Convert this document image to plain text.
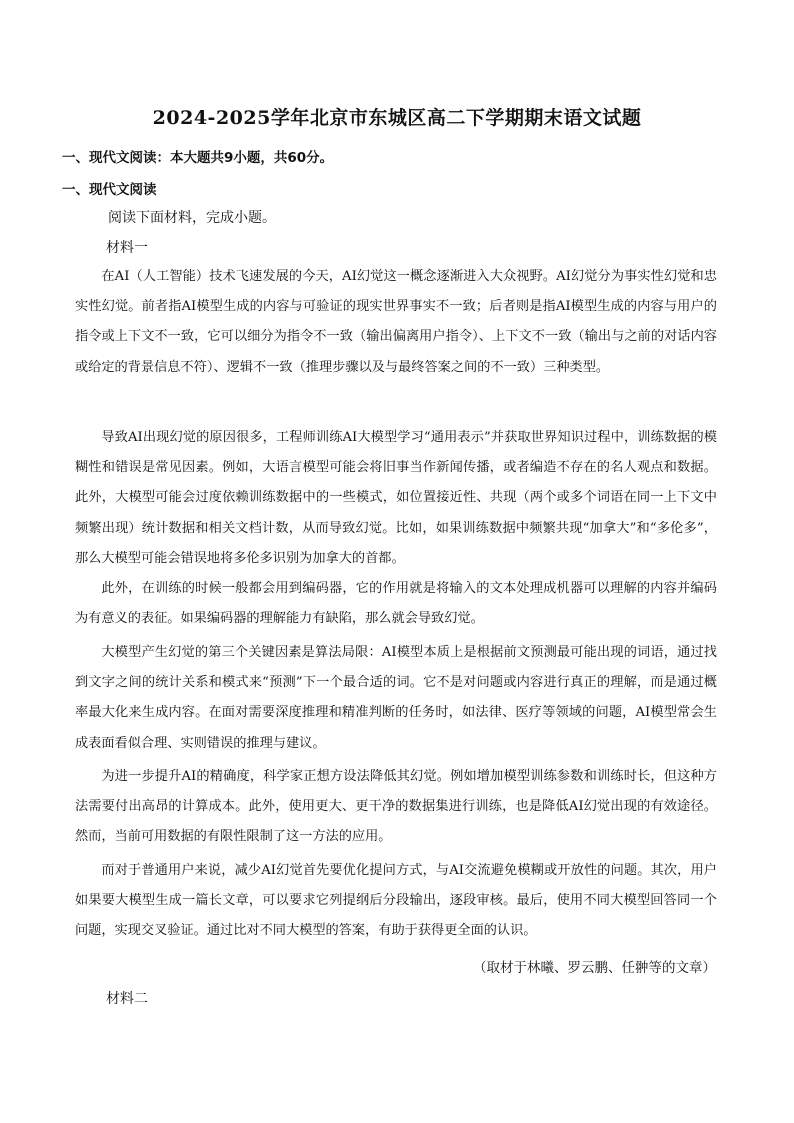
2024-2025学年北京市东城区高二下学期期末语文试题
一、现代文阅读：本大题共9小题，共60分。
一、现代文阅读
阅读下面材料，完成小题。
材料一
在AI（人工智能）技术飞速发展的今天，AI幻觉这一概念逐渐进入大众视野。AI幻觉分为事实性幻觉和忠实性幻觉。前者指AI模型生成的内容与可验证的现实世界事实不一致；后者则是指AI模型生成的内容与用户的指令或上下文不一致，它可以细分为指令不一致（输出偏离用户指令）、上下文不一致（输出与之前的对话内容或给定的背景信息不符）、逻辑不一致（推理步骤以及与最终答案之间的不一致）三种类型。
导致AI出现幻觉的原因很多，工程师训练AI大模型学习“通用表示”并获取世界知识过程中，训练数据的模糊性和错误是常见因素。例如，大语言模型可能会将旧事当作新闻传播，或者编造不存在的名人观点和数据。此外，大模型可能会过度依赖训练数据中的一些模式，如位置接近性、共现（两个或多个词语在同一上下文中频繁出现）统计数据和相关文档计数，从而导致幻觉。比如，如果训练数据中频繁共现“加拿大”和“多伦多”，那么大模型可能会错误地将多伦多识别为加拿大的首都。
此外，在训练的时候一般都会用到编码器，它的作用就是将输入的文本处理成机器可以理解的内容并编码为有意义的表征。如果编码器的理解能力有缺陷，那么就会导致幻觉。
大模型产生幻觉的第三个关键因素是算法局限：AI模型本质上是根据前文预测最可能出现的词语，通过找到文字之间的统计关系和模式来“预测”下一个最合适的词。它不是对问题或内容进行真正的理解，而是通过概率最大化来生成内容。在面对需要深度推理和精准判断的任务时，如法律、医疗等领域的问题，AI模型常会生成表面看似合理、实则错误的推理与建议。
为进一步提升AI的精确度，科学家正想方设法降低其幻觉。例如增加模型训练参数和训练时长，但这种方法需要付出高昂的计算成本。此外，使用更大、更干净的数据集进行训练，也是降低AI幻觉出现的有效途径。然而，当前可用数据的有限性限制了这一方法的应用。
而对于普通用户来说，减少AI幻觉首先要优化提问方式，与AI交流避免模糊或开放性的问题。其次，用户如果要大模型生成一篇长文章，可以要求它列提纲后分段输出，逐段审核。最后，使用不同大模型回答同一个问题，实现交叉验证。通过比对不同大模型的答案，有助于获得更全面的认识。
（取材于林曦、罗云鹏、任翀等的文章）
材料二
